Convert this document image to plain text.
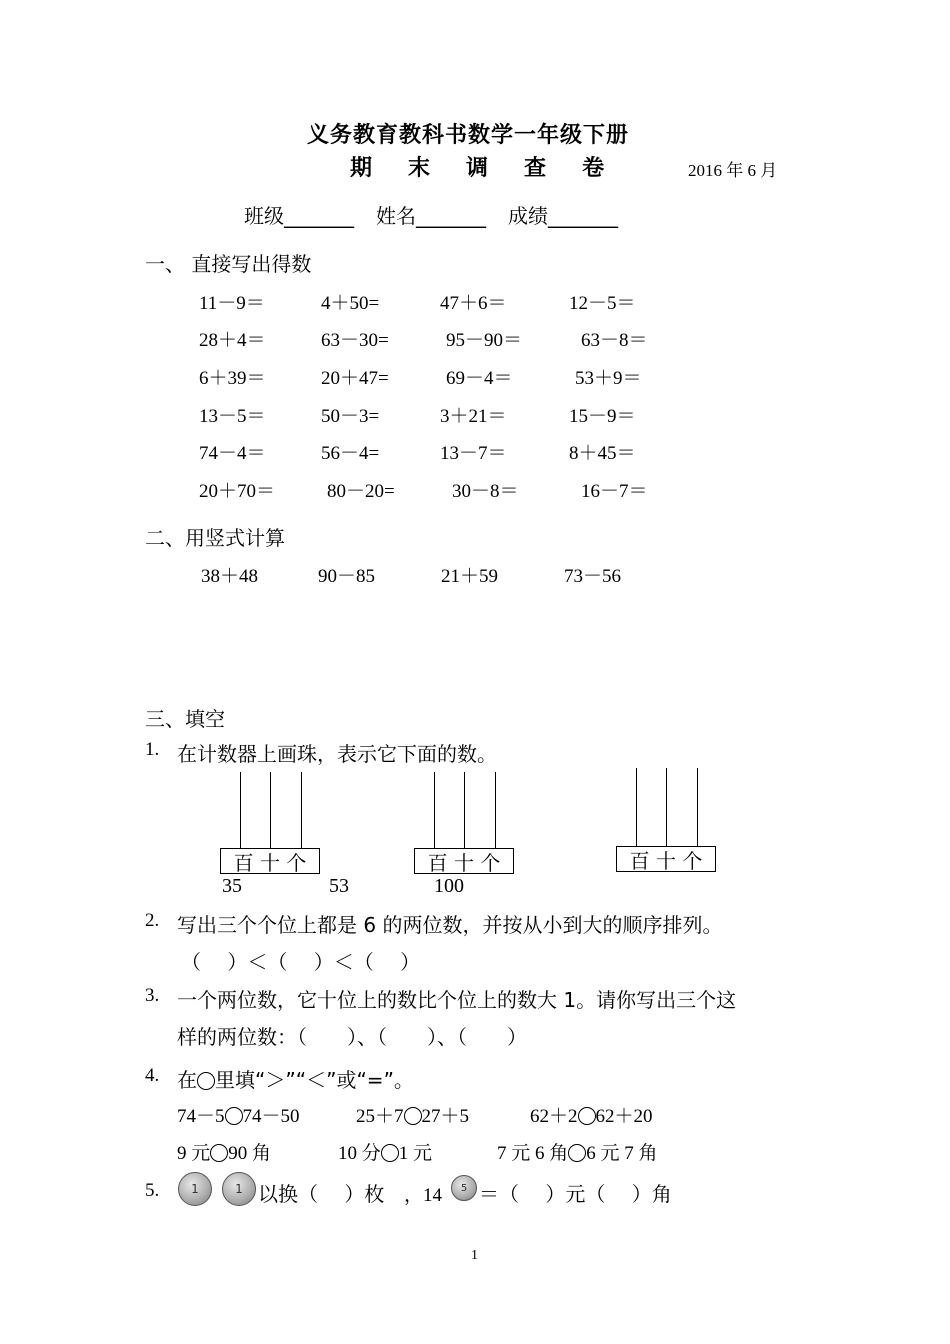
义务教育教科书数学一年级下册
期 末 调 查 卷	2016 年 6 月
班级_______ 姓名_______ 成绩_______
一、 直接写出得数
11－9＝	4＋50=	47＋6＝	12－5＝
28＋4＝	63－30=	95－90＝	63－8＝
6＋39＝	20＋47=	69－4＝	53＋9＝
13－5＝	50－3=	3＋21＝	15－9＝
74－4＝	56－4=	13－7＝	8＋45＝
20＋70＝	80－20=	30－8＝	16－7＝
二、用竖式计算
38＋48	90－85	21＋59	73－56
三、填空
1. 在计数器上画珠，表示它下面的数。
百 十 个	百 十 个	百 十 个
35	53	100
2. 写出三个个位上都是 6 的两位数，并按从小到大的顺序排列。
（　 ）＜（　 ）＜（　 ）
3. 一个两位数，它十位上的数比个位上的数大 1。请你写出三个这
样的两位数：（　　）、（　　）、（　　）
4. 在 里填“＞”“＜”或“=”。
74－5 74－50	25＋7 27＋5	62＋2 62＋20
9 元 90 角	10 分 1 元	7 元 6 角 6 元 7 角
5.	1	1 以换（　 ）枚 ，14	5 ＝（　 ）元（　 ）角
1
